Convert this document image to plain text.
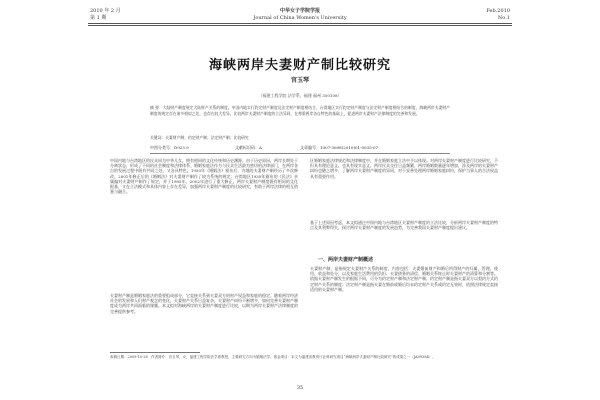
2010 年 2 月
第 1 期
中华女子学院学报
Journal of China Women's University
Feb.2010
No.1
海峡两岸夫妻财产制比较研究
官玉琴
（福建工程学院 法学系，福建 福州 350108）
摘 要：大陆财产制度规定大陆财产关系的制度。中国内地实行约定财产制度及法定财产制度相结合，台湾地区实行约定财产制度与法定财产制度相结合的制度，海峡两岸夫妻财产制度的规定存在诸多相似之处，也存在较大差异。比较两岸夫妻财产制度的立法异同，在尊重两岸各自特色的基础上，促进两岸夫妻财产法律制度的完善和发展。
关键词：夫妻财产制；约定财产制；法定财产制；比较研究
中图分类号：D923.9	文献标识码：A	文章编号：1007-3698(2010)01-0035-07
中国内地与台湾地区的民众同为中华儿女，拥有相同的文化传统和历史渊源。由于历史原因，两岸长期处于分离状态，形成了不同的社会制度和法律体系。婚姻家庭法作为与民众生活最为密切的法律部门，在两岸各自的发展过程中既有共同之处，又各具特色。1950年《婚姻法》颁布后，内地的夫妻财产制经历了多次修改，2001年修正后的《婚姻法》对夫妻财产制作了较为系统的规定；台湾地区1930年颁布的《民法》亲属编对夫妻财产制作了规定，并于1985年、2002年进行了重大修正。两岸夫妻财产制度既有相同的文化根基，又在立法模式和具体内容上存在差异，加强两岸夫妻财产制度的比较研究，有助于两岸法律的相互借鉴与融合。
夫妻财产制是婚姻家庭法的重要组成部分，它直接关系到夫妻双方的财产权益和家庭的稳定。随着两岸经济社会的发展和人们财产观念的变化，夫妻财产关系日益复杂，夫妻财产纠纷不断增多，如何完善夫妻财产制度成为两岸共同面临的课题。本文拟对海峡两岸的夫妻财产制度进行比较，以期为两岸夫妻财产法律制度的完善提供参考。
区婚姻家庭法律规范和法律制度中，并在婚姻家庭立法中予以体现。对两岸夫妻财产制度进行比较研究，不但具有理论意义，也具有现实意义。两岸民众交往日益频繁，两岸婚姻数量逐年增加，涉及两岸的夫妻财产纠纷也随之增多，了解两岸夫妻财产制度的异同，对于妥善处理两岸婚姻家庭纠纷，保护当事人的合法权益具有重要作用。
基于上述原因考虑，本文拟通过中国内地与台湾地区夫妻财产制度的立法比较，分析两岸夫妻财产制度的特点及其利弊得失，探讨两岸夫妻财产制度的发展趋势，为完善我国夫妻财产制度提出建议。
一、两岸夫妻财产制概述
夫妻财产制，是指规定夫妻财产关系的制度，内容包括：夫妻婚前财产和婚后所得财产的归属、管理、使用、收益和处分，以及家庭生活费用的负担、夫妻债务的清偿、婚姻关系终止时夫妻财产的清算和分割等。依据夫妻财产制发生的根据不同，可分为约定财产制和法定财产制。约定财产制是指夫妻双方以契约方式约定财产关系的制度；法定财产制是指夫妻在婚前或婚后均未约定财产关系或约定无效时，依照法律规定直接适用的夫妻财产制。
收稿日期：2009-10-28　作者简介：官玉琴，女，福建工程学院法学系教授，主要研究方向为婚姻法学。基金项目：本文为福建省教育厅社科研究项目“海峡两岸夫妻财产制比较研究”的成果之一（JA09384）。
35
